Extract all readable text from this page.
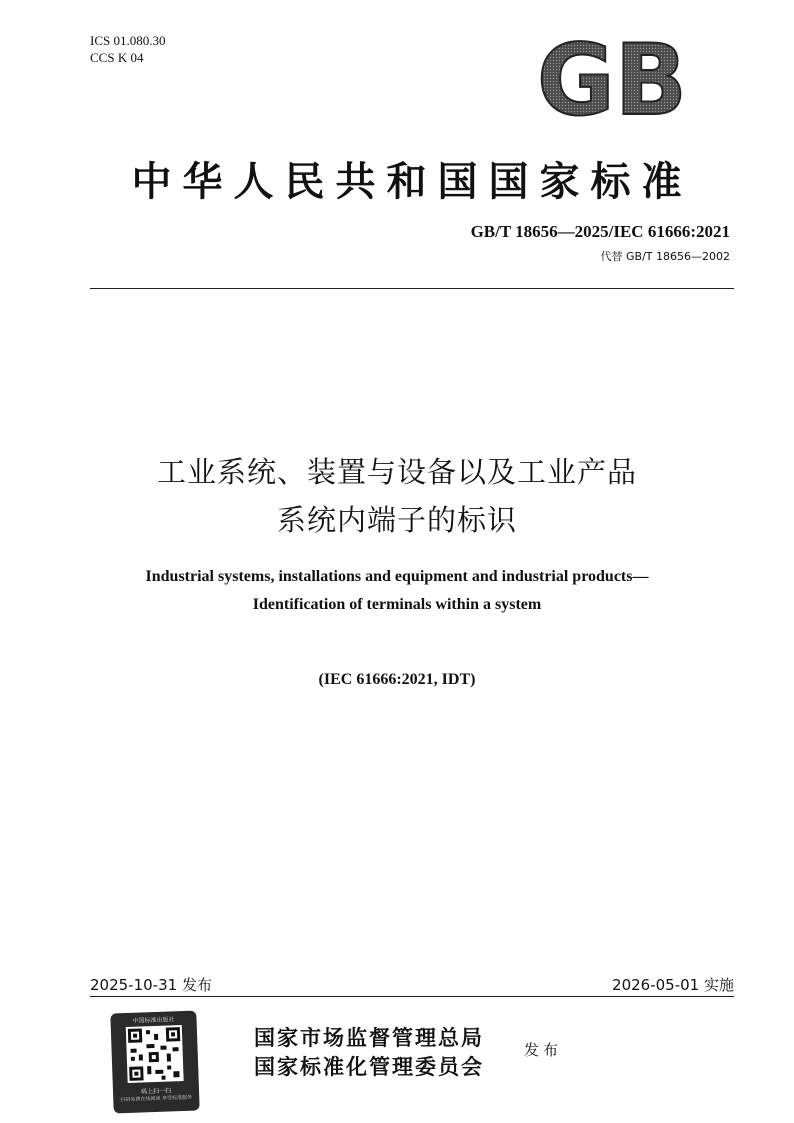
ICS 01.080.30
CCS K 04	GB
中华人民共和国国家标准
GB/T 18656—2025/IEC 61666:2021
代替 GB/T 18656—2002
工业系统、装置与设备以及工业产品
系统内端子的标识
Industrial systems, installations and equipment and industrial products—
Identification of terminals within a system
(IEC 61666:2021, IDT)
2025-10-31 发布	2026-05-01 实施
中国标准出版社
码上扫一扫
扫码免费在线阅读 享受标准服务
国家市场监督管理总局
国家标准化管理委员会
发布
